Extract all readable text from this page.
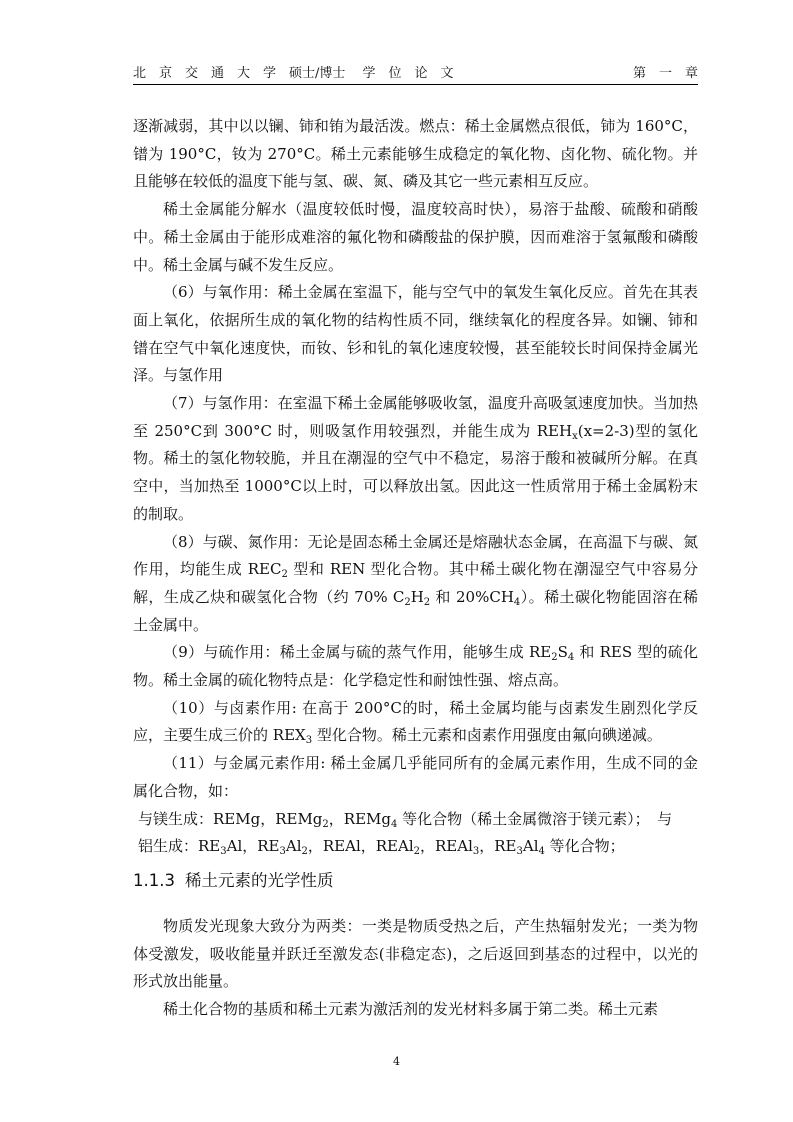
北　京　交　通　大　学　硕士/博士　 学　位　论　文	第　一　章

逐渐减弱，其中以以镧、铈和铕为最活泼。燃点：稀土金属燃点很低，铈为 160°C，镨为 190°C，钕为 270°C。稀土元素能够生成稳定的氧化物、卤化物、硫化物。并且能够在较低的温度下能与氢、碳、氮、磷及其它一些元素相互反应。

稀土金属能分解水（温度较低时慢，温度较高时快），易溶于盐酸、硫酸和硝酸中。稀土金属由于能形成难溶的氟化物和磷酸盐的保护膜，因而难溶于氢氟酸和磷酸中。稀土金属与碱不发生反应。

（6）与氧作用：稀土金属在室温下，能与空气中的氧发生氧化反应。首先在其表面上氧化，依据所生成的氧化物的结构性质不同，继续氧化的程度各异。如镧、铈和镨在空气中氧化速度快，而钕、钐和钆的氧化速度较慢，甚至能较长时间保持金属光泽。与氢作用

（7）与氢作用：在室温下稀土金属能够吸收氢，温度升高吸氢速度加快。当加热至 250°C到 300°C 时，则吸氢作用较强烈，并能生成为 $REH_x(x=2-3)$型的氢化物。稀土的氢化物较脆，并且在潮湿的空气中不稳定，易溶于酸和被碱所分解。在真空中，当加热至 1000°C以上时，可以释放出氢。因此这一性质常用于稀土金属粉末的制取。

（8）与碳、氮作用：无论是固态稀土金属还是熔融状态金属，在高温下与碳、氮作用，均能生成 $REC_2$ 型和 REN 型化合物。其中稀土碳化物在潮湿空气中容易分解，生成乙炔和碳氢化合物（约 70% $C_2H_2$ 和 $20\%CH_4$）。稀土碳化物能固溶在稀土金属中。

（9）与硫作用：稀土金属与硫的蒸气作用，能够生成 $RE_2S_4$ 和 RES 型的硫化物。稀土金属的硫化物特点是：化学稳定性和耐蚀性强、熔点高。

（10）与卤素作用: 在高于 200°C的时，稀土金属均能与卤素发生剧烈化学反应，主要生成三价的 $REX_3$ 型化合物。稀土元素和卤素作用强度由氟向碘递减。

（11）与金属元素作用: 稀土金属几乎能同所有的金属元素作用，生成不同的金属化合物，如：

与镁生成：REMg，REMg$_2$，REMg$_4$ 等化合物（稀土金属微溶于镁元素）；　与

铝生成：$RE_3Al$，$RE_3Al_2$，REAl，REAl$_2$，REAl$_3$，$RE_3Al_4$ 等化合物；

1.1.3 稀土元素的光学性质

物质发光现象大致分为两类：一类是物质受热之后，产生热辐射发光；一类为物体受激发，吸收能量并跃迁至激发态(非稳定态)，之后返回到基态的过程中，以光的形式放出能量。

稀土化合物的基质和稀土元素为激活剂的发光材料多属于第二类。稀土元素

4
